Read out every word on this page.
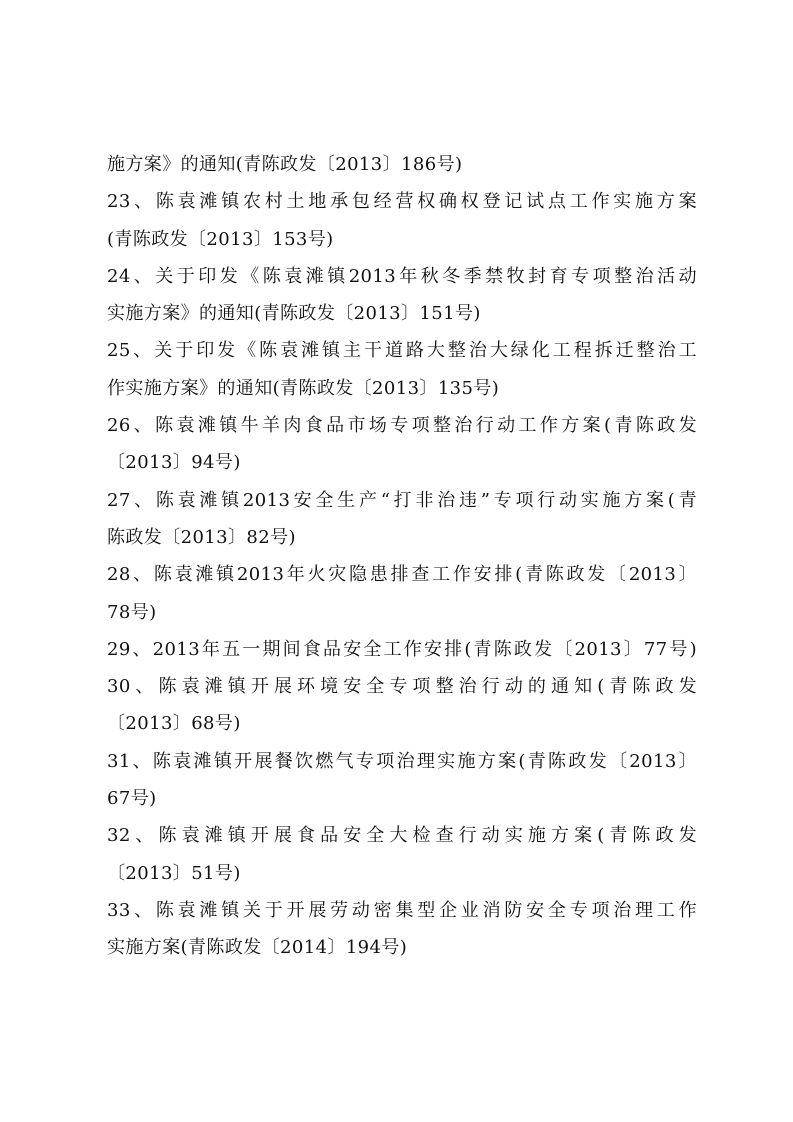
施方案》的通知(青陈政发〔2013〕186号)
23、陈袁滩镇农村土地承包经营权确权登记试点工作实施方案
(青陈政发〔2013〕153号)
24、关于印发《陈袁滩镇2013年秋冬季禁牧封育专项整治活动
实施方案》的通知(青陈政发〔2013〕151号)
25、关于印发《陈袁滩镇主干道路大整治大绿化工程拆迁整治工
作实施方案》的通知(青陈政发〔2013〕135号)
26、陈袁滩镇牛羊肉食品市场专项整治行动工作方案(青陈政发
〔2013〕94号)
27、陈袁滩镇2013安全生产“打非治违”专项行动实施方案(青
陈政发〔2013〕82号)
28、陈袁滩镇2013年火灾隐患排查工作安排(青陈政发〔2013〕
78号)
29、2013年五一期间食品安全工作安排(青陈政发〔2013〕77号)
30、陈袁滩镇开展环境安全专项整治行动的通知(青陈政发
〔2013〕68号)
31、陈袁滩镇开展餐饮燃气专项治理实施方案(青陈政发〔2013〕
67号)
32、陈袁滩镇开展食品安全大检查行动实施方案(青陈政发
〔2013〕51号)
33、陈袁滩镇关于开展劳动密集型企业消防安全专项治理工作
实施方案(青陈政发〔2014〕194号)
